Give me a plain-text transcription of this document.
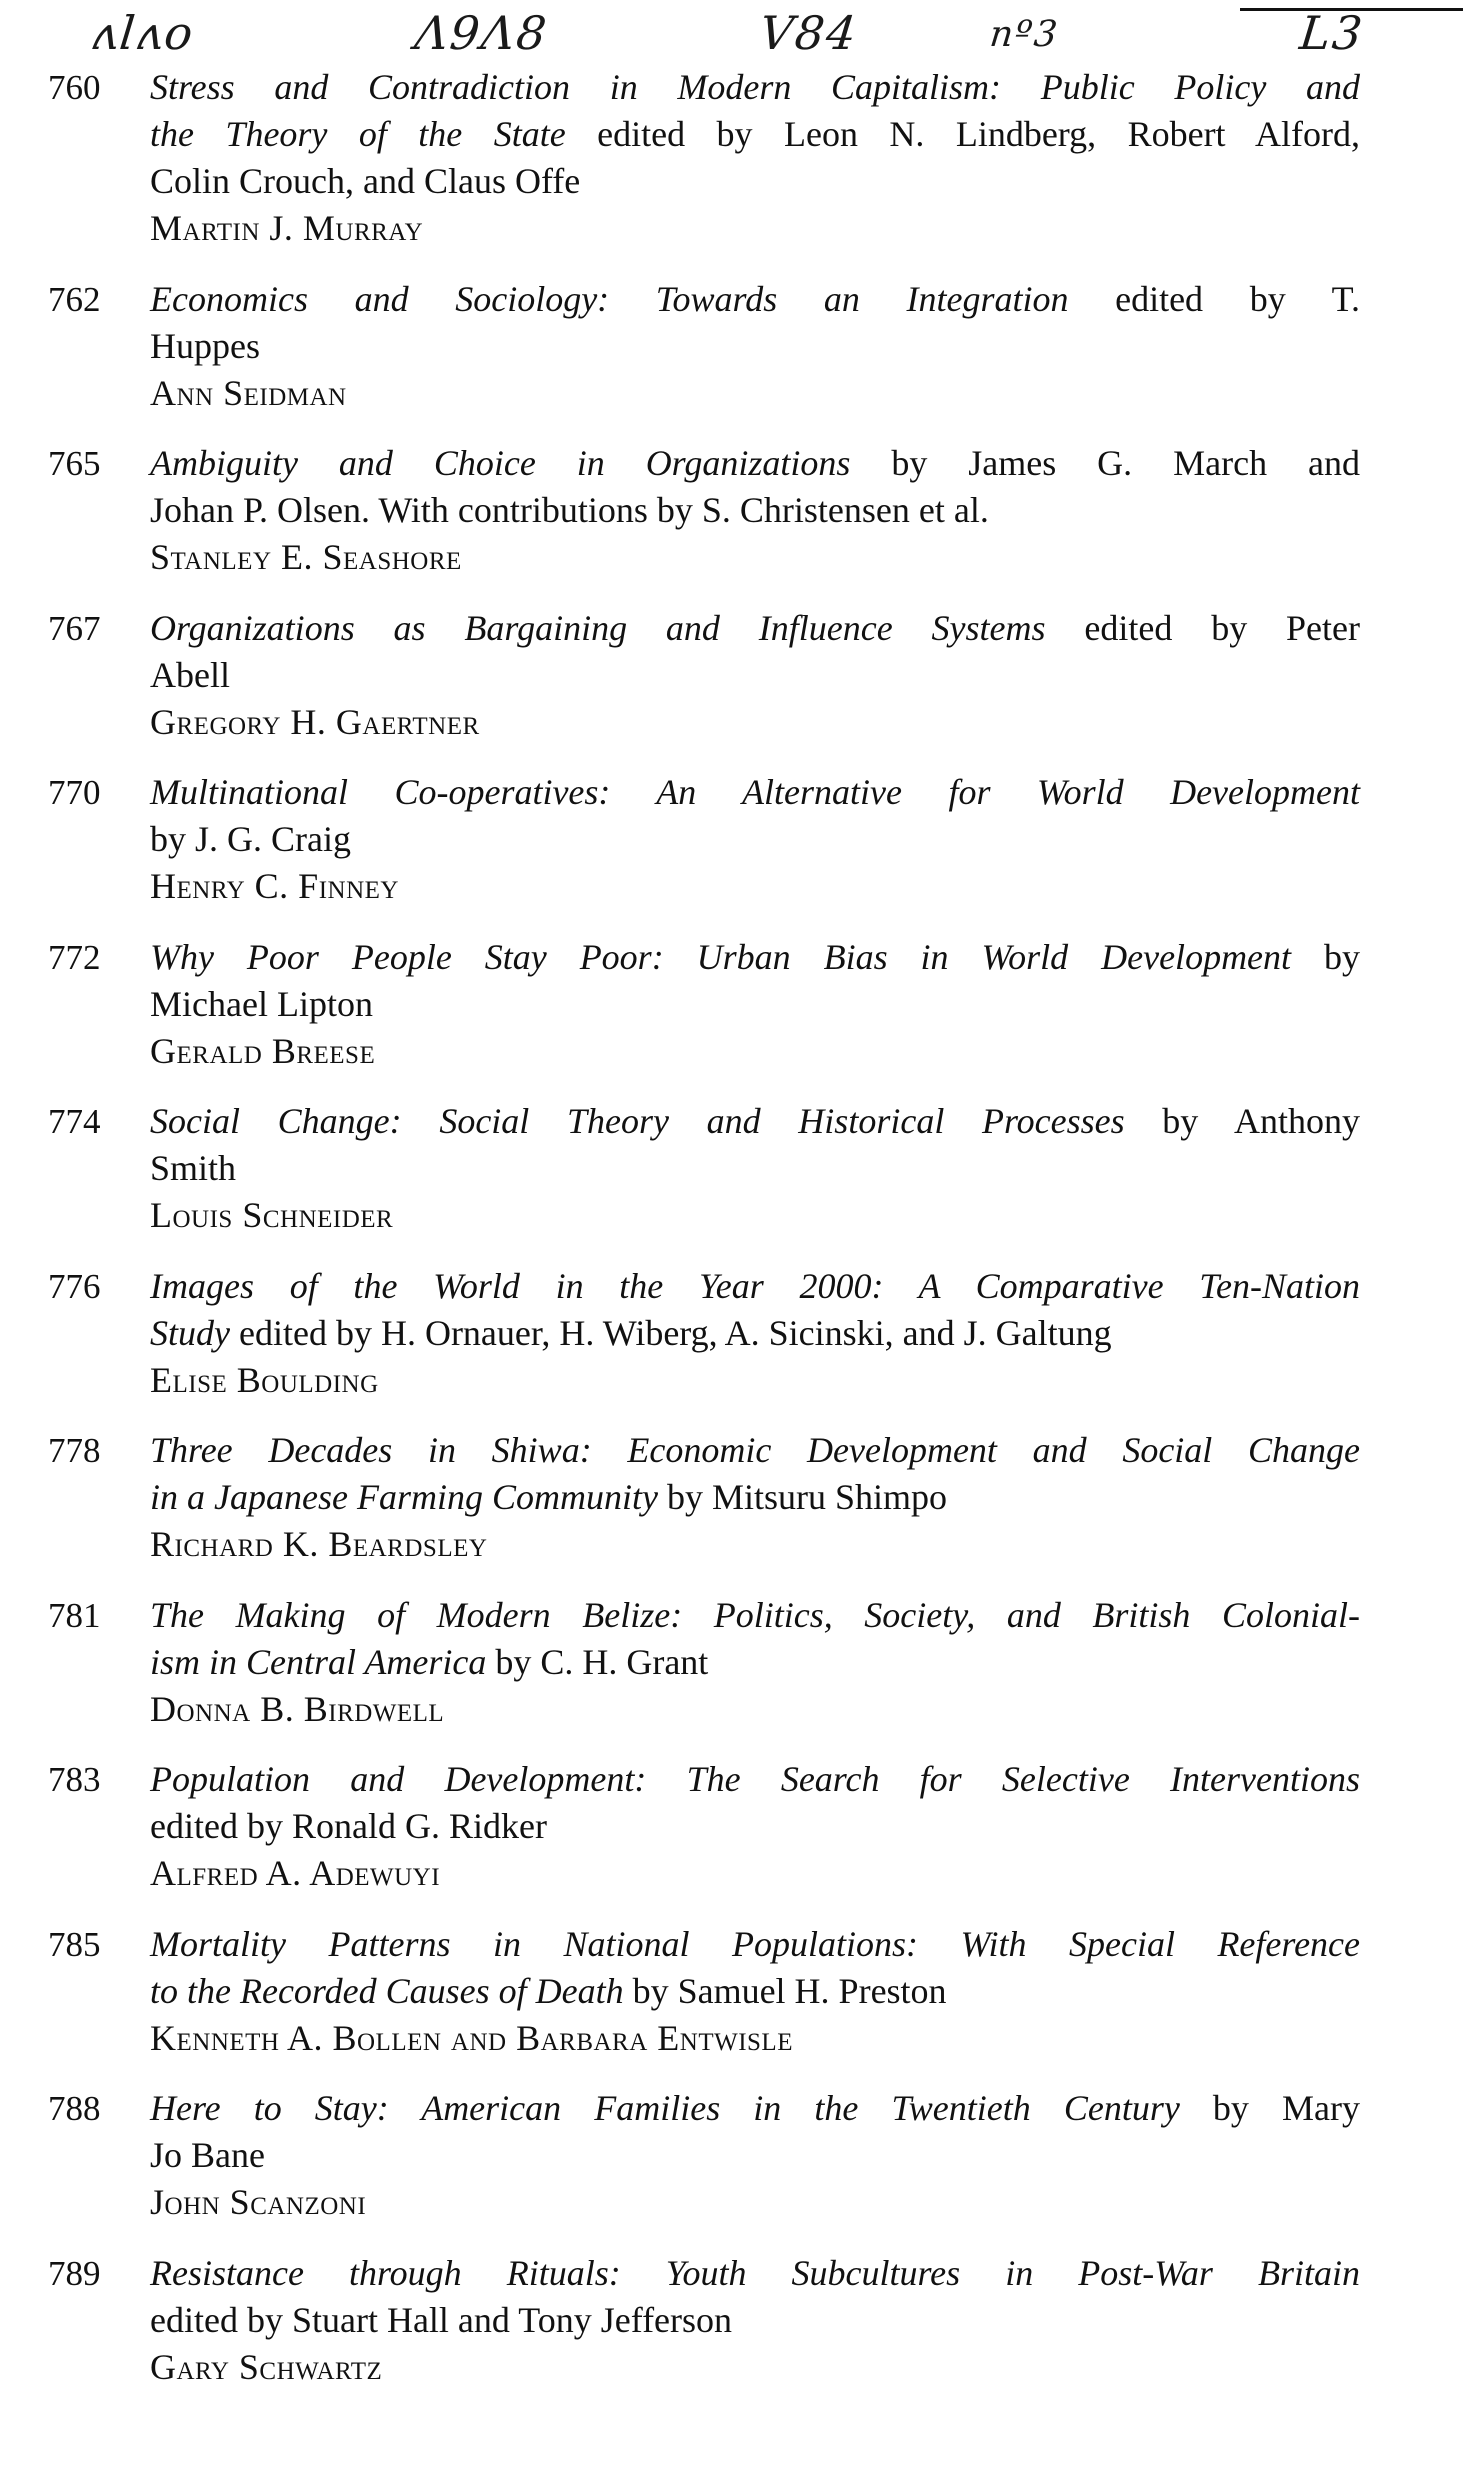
ʌlʌo	Λ9Λ8	V84	nº3	L3
760 Stress and Contradiction in Modern Capitalism: Public Policy and
the Theory of the State edited by Leon N. Lindberg, Robert Alford,
Colin Crouch, and Claus Offe
Martin J. Murray
762 Economics and Sociology: Towards an Integration edited by T.
Huppes
Ann Seidman
765 Ambiguity and Choice in Organizations by James G. March and
Johan P. Olsen. With contributions by S. Christensen et al.
Stanley E. Seashore
767 Organizations as Bargaining and Influence Systems edited by Peter
Abell
Gregory H. Gaertner
770 Multinational Co-operatives: An Alternative for World Development
by J. G. Craig
Henry C. Finney
772 Why Poor People Stay Poor: Urban Bias in World Development by
Michael Lipton
Gerald Breese
774 Social Change: Social Theory and Historical Processes by Anthony
Smith
Louis Schneider
776 Images of the World in the Year 2000: A Comparative Ten-Nation
Study edited by H. Ornauer, H. Wiberg, A. Sicinski, and J. Galtung
Elise Boulding
778 Three Decades in Shiwa: Economic Development and Social Change
in a Japanese Farming Community by Mitsuru Shimpo
Richard K. Beardsley
781 The Making of Modern Belize: Politics, Society, and British Colonial-
ism in Central America by C. H. Grant
Donna B. Birdwell
783 Population and Development: The Search for Selective Interventions
edited by Ronald G. Ridker
Alfred A. Adewuyi
785 Mortality Patterns in National Populations: With Special Reference
to the Recorded Causes of Death by Samuel H. Preston
Kenneth A. Bollen and Barbara Entwisle
788 Here to Stay: American Families in the Twentieth Century by Mary
Jo Bane
John Scanzoni
789 Resistance through Rituals: Youth Subcultures in Post-War Britain
edited by Stuart Hall and Tony Jefferson
Gary Schwartz
